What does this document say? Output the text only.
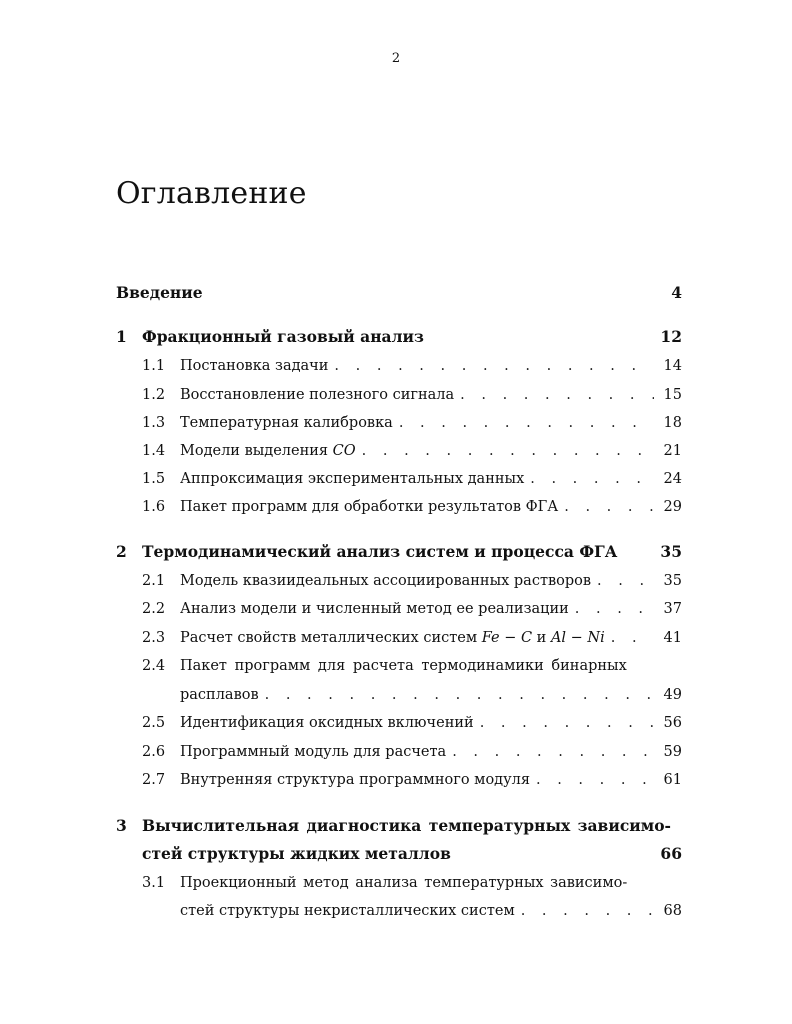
2
Оглавление
Введение	4
1 Фракционный газовый анализ	12
1.1	Постановка задачи . . .	14
1.2	Восстановление полезного сигнала . . .	15
1.3	Температурная калибровка . . .	18
1.4	Модели выделения CO . . .	21
1.5	Аппроксимация экспериментальных данных . . .	24
1.6	Пакет программ для обработки результатов ФГА . . .	29
2 Термодинамический анализ систем и процесса ФГА	35
2.1	Модель квазиидеальных ассоциированных растворов . . .	35
2.2	Анализ модели и численный метод ее реализации . . .	37
2.3	Расчет свойств металлических систем Fe − C и Al − Ni . . .	41
2.4	Пакет программ для расчета термодинамики бинарных
расплавов . . .	49
2.5	Идентификация оксидных включений . . .	56
2.6	Программный модуль для расчета . . .	59
2.7	Внутренняя структура программного модуля . . .	61
3 Вычислительная диагностика температурных зависимо-
стей структуры жидких металлов	66
3.1	Проекционный метод анализа температурных зависимо-
стей структуры некристаллических систем . . .	68
